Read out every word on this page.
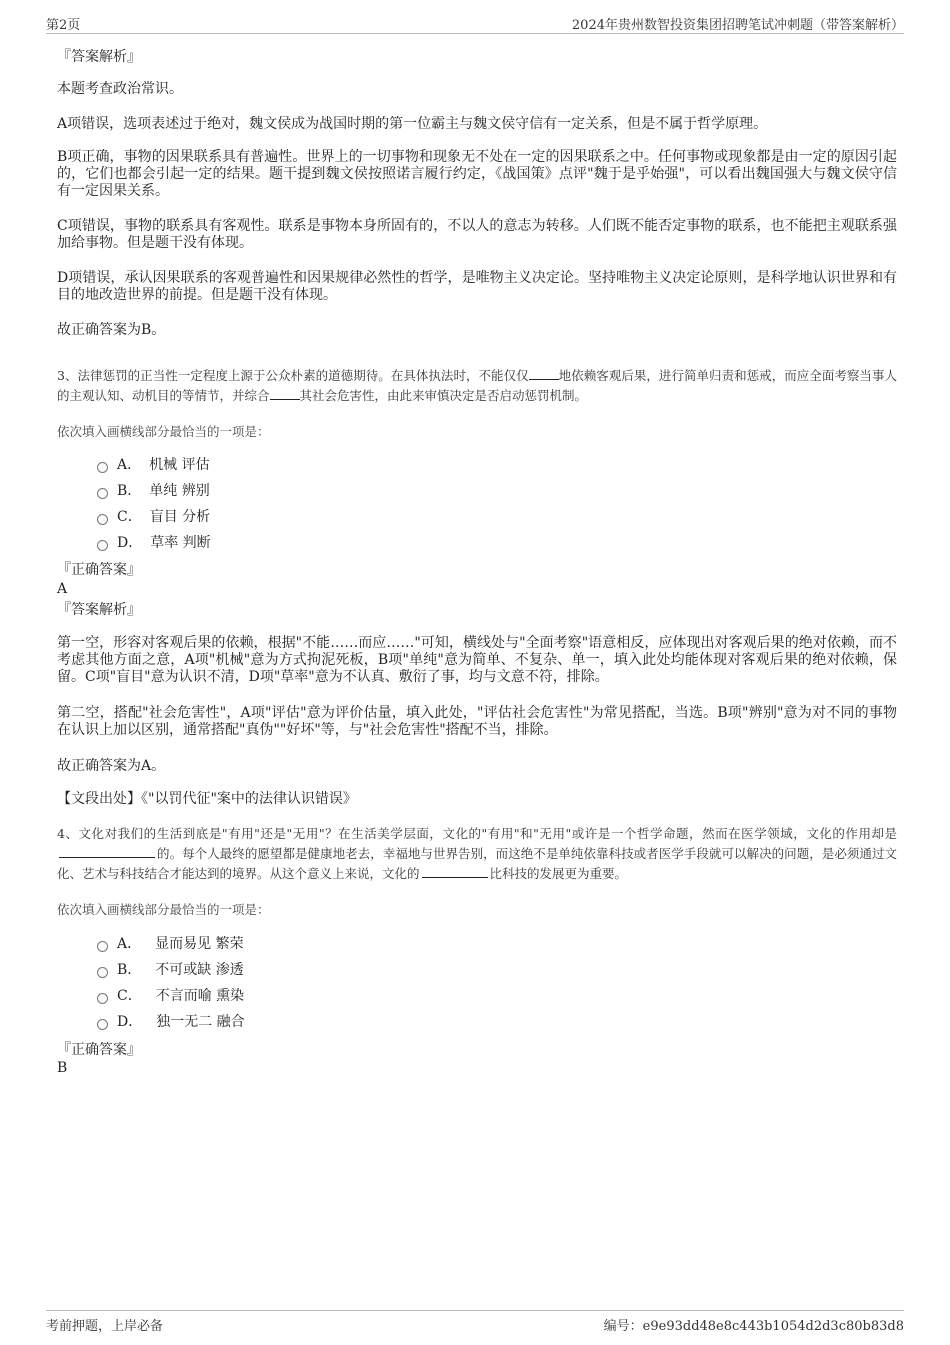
第2页	2024年贵州数智投资集团招聘笔试冲刺题（带答案解析）
『答案解析』
本题考查政治常识。
A项错误，选项表述过于绝对，魏文侯成为战国时期的第一位霸主与魏文侯守信有一定关系，但是不属于哲学原理。
B项正确，事物的因果联系具有普遍性。世界上的一切事物和现象无不处在一定的因果联系之中。任何事物或现象都是由一定的原因引起的，它们也都会引起一定的结果。题干提到魏文侯按照诺言履行约定，《战国策》点评"魏于是乎始强"，可以看出魏国强大与魏文侯守信有一定因果关系。
C项错误，事物的联系具有客观性。联系是事物本身所固有的，不以人的意志为转移。人们既不能否定事物的联系，也不能把主观联系强加给事物。但是题干没有体现。
D项错误，承认因果联系的客观普遍性和因果规律必然性的哲学，是唯物主义决定论。坚持唯物主义决定论原则，是科学地认识世界和有目的地改造世界的前提。但是题干没有体现。
故正确答案为B。
3、法律惩罚的正当性一定程度上源于公众朴素的道德期待。在具体执法时，不能仅仅 地依赖客观后果，进行简单归责和惩戒，而应全面考察当事人的主观认知、动机目的等情节，并综合 其社会危害性，由此来审慎决定是否启动惩罚机制。
依次填入画横线部分最恰当的一项是：
A． 机械 评估
B． 单纯 辨别
C． 盲目 分析
D． 草率 判断
『正确答案』
A
『答案解析』
第一空，形容对客观后果的依赖，根据"不能……而应……"可知，横线处与"全面考察"语意相反，应体现出对客观后果的绝对依赖，而不考虑其他方面之意，A项"机械"意为方式拘泥死板，B项"单纯"意为简单、不复杂、单一，填入此处均能体现对客观后果的绝对依赖，保留。C项"盲目"意为认识不清，D项"草率"意为不认真、敷衍了事，均与文意不符，排除。
第二空，搭配"社会危害性"，A项"评估"意为评价估量，填入此处，"评估社会危害性"为常见搭配，当选。B项"辨别"意为对不同的事物在认识上加以区别，通常搭配"真伪""好坏"等，与"社会危害性"搭配不当，排除。
故正确答案为A。
【文段出处】《"以罚代征"案中的法律认识错误》
4、文化对我们的生活到底是"有用"还是"无用"？在生活美学层面，文化的"有用"和"无用"或许是一个哲学命题，然而在医学领域，文化的作用却是的。每个人最终的愿望都是健康地老去，幸福地与世界告别，而这绝不是单纯依靠科技或者医学手段就可以解决的问题，是必须通过文化、艺术与科技结合才能达到的境界。从这个意义上来说，文化的	比科技的发展更为重要。
依次填入画横线部分最恰当的一项是：
A． 显而易见 繁荣
B． 不可或缺 渗透
C． 不言而喻 熏染
D． 独一无二 融合
『正确答案』
B
考前押题，上岸必备	编号：e9e93dd48e8c443b1054d2d3c80b83d8
